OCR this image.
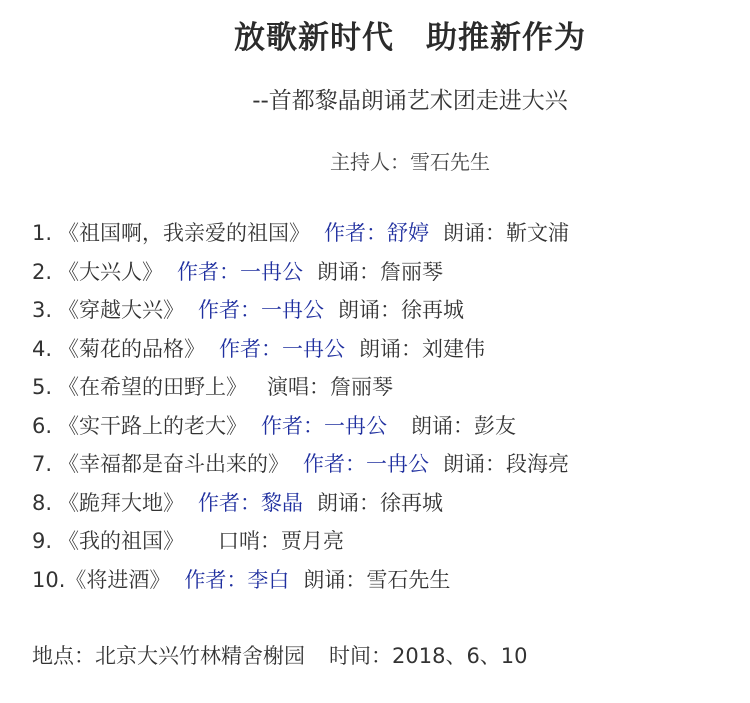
放歌新时代　助推新作为
--首都黎晶朗诵艺术团走进大兴
主持人：雪石先生
1. 《祖国啊，我亲爱的祖国》 作者：舒婷 朗诵：靳文浦
2. 《大兴人》 作者：一冉公 朗诵：詹丽琴
3. 《穿越大兴》 作者：一冉公 朗诵：徐再城
4. 《菊花的品格》 作者：一冉公 朗诵：刘建伟
5. 《在希望的田野上》 演唱：詹丽琴
6. 《实干路上的老大》 作者：一冉公 朗诵：彭友
7. 《幸福都是奋斗出来的》 作者：一冉公 朗诵：段海亮
8. 《跪拜大地》 作者：黎晶 朗诵：徐再城
9. 《我的祖国》 口哨：贾月亮
10.《将进酒》 作者：李白 朗诵：雪石先生
地点：北京大兴竹林精舍榭园 时间：2018、6、10
